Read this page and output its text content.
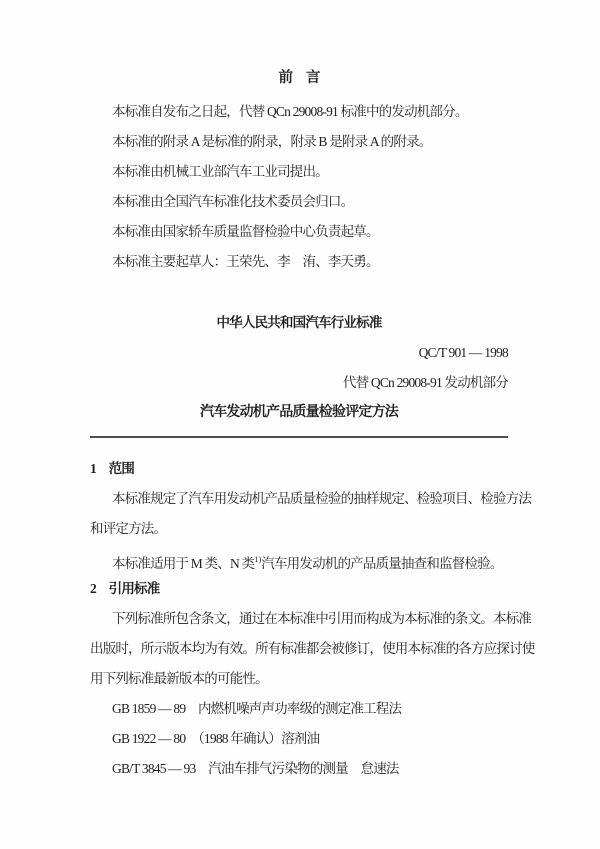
前　言
本标准自发布之日起，代替 QCn 29008-91 标准中的发动机部分。
本标准的附录 A 是标准的附录，附录 B 是附录 A 的附录。
本标准由机械工业部汽车工业司提出。
本标准由全国汽车标准化技术委员会归口。
本标准由国家轿车质量监督检验中心负责起草。
本标准主要起草人：王荣先、李　洧、李天勇。
中华人民共和国汽车行业标准
QC/T 901 — 1998
代替 QCn 29008-91 发动机部分
汽车发动机产品质量检验评定方法
1　范围
本标准规定了汽车用发动机产品质量检验的抽样规定、检验项目、检验方法
和评定方法。
本标准适用于 M 类、N 类$^{1)}$汽车用发动机的产品质量抽查和监督检验。
2　引用标准
下列标准所包含条文，通过在本标准中引用而构成为本标准的条文。本标准
出版时，所示版本均为有效。所有标准都会被修订，使用本标准的各方应探讨使
用下列标准最新版本的可能性。
GB 1859 — 89　内燃机噪声声功率级的测定准工程法
GB 1922 — 80　（1988 年确认）溶剂油
GB/T 3845 — 93　汽油车排气污染物的测量　怠速法
